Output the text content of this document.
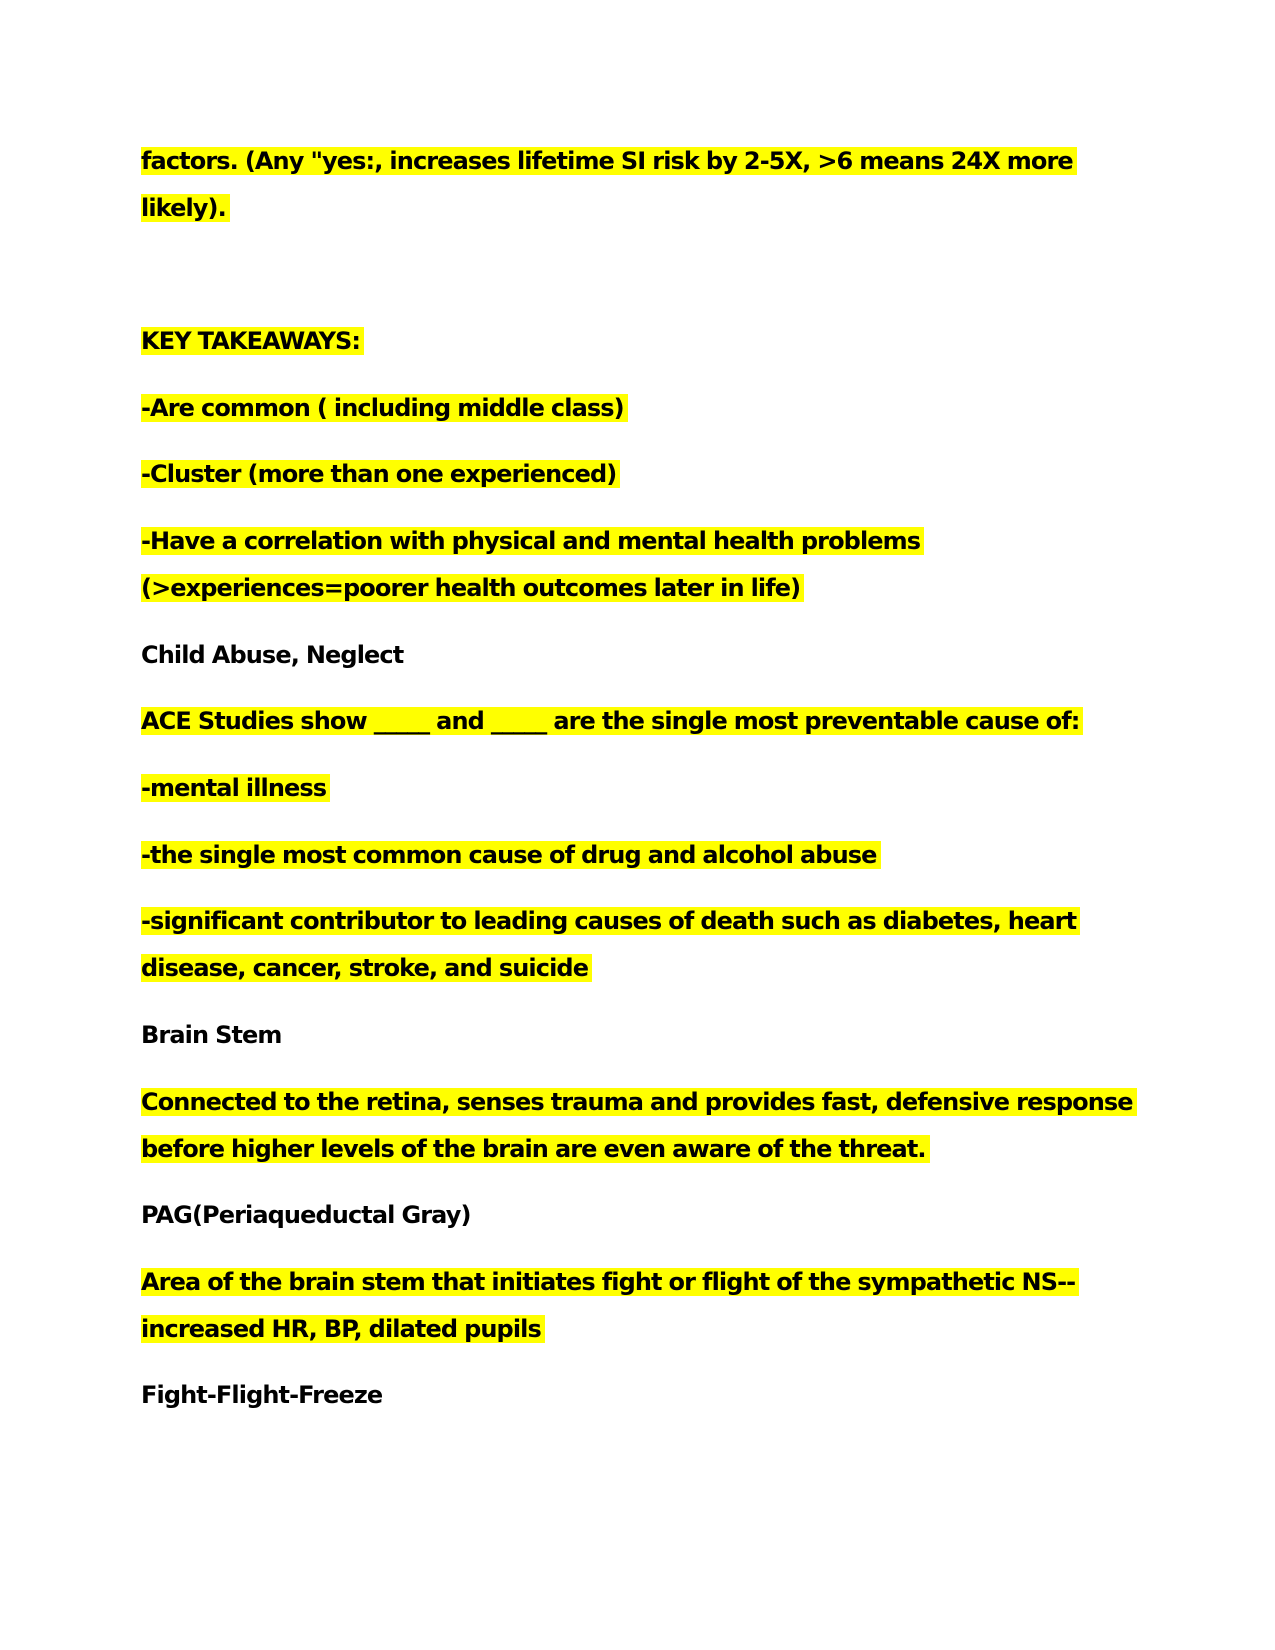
factors. (Any "yes:, increases lifetime SI risk by 2-5X, >6 means 24X more
likely).
KEY TAKEAWAYS:
-Are common ( including middle class)
-Cluster (more than one experienced)
-Have a correlation with physical and mental health problems
(>experiences=poorer health outcomes later in life)
Child Abuse, Neglect
ACE Studies show _____ and _____ are the single most preventable cause of:
-mental illness
-the single most common cause of drug and alcohol abuse
-significant contributor to leading causes of death such as diabetes, heart
disease, cancer, stroke, and suicide
Brain Stem
Connected to the retina, senses trauma and provides fast, defensive response
before higher levels of the brain are even aware of the threat.
PAG(Periaqueductal Gray)
Area of the brain stem that initiates fight or flight of the sympathetic NS--
increased HR, BP, dilated pupils
Fight-Flight-Freeze
